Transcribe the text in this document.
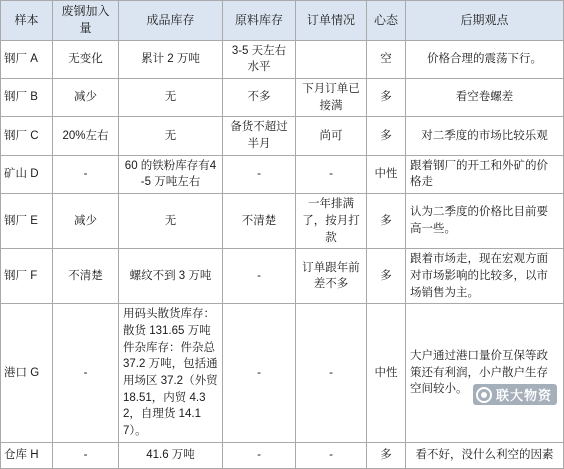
样本	废钢加入量	成品库存	原料库存	订单情况	心态	后期观点
钢厂 A	无变化	累计 2 万吨	3-5 天左右水平		空	价格合理的震荡下行。
钢厂 B	减少	无	不多	下月订单已接满	多	看空卷螺差
钢厂 C	20%左右	无	备货不超过半月	尚可	多	对二季度的市场比较乐观
矿山 D	-	60 的铁粉库存有4-5 万吨左右	-	-	中性	跟着钢厂的开工和外矿的价格走
钢厂 E	减少	无	不清楚	一年排满了，按月打款	多	认为二季度的价格比目前要高一些。
钢厂 F	不清楚	螺纹不到 3 万吨	-	订单跟年前差不多	多	跟着市场走，现在宏观方面对市场影响的比较多，以市场销售为主。
港口 G	-	用码头散货库存：散货 131.65 万吨件杂库存：件杂总37.2 万吨，包括通用场区 37.2（外贸18.51，内贸 4.32，自理货 14.17）。	-	-	中性	大户通过港口量价互保等政策还有利润，小户散户生存空间较小。
仓库 H	-	41.6 万吨	-	-	多	看不好，没什么利空的因素
联大物资
